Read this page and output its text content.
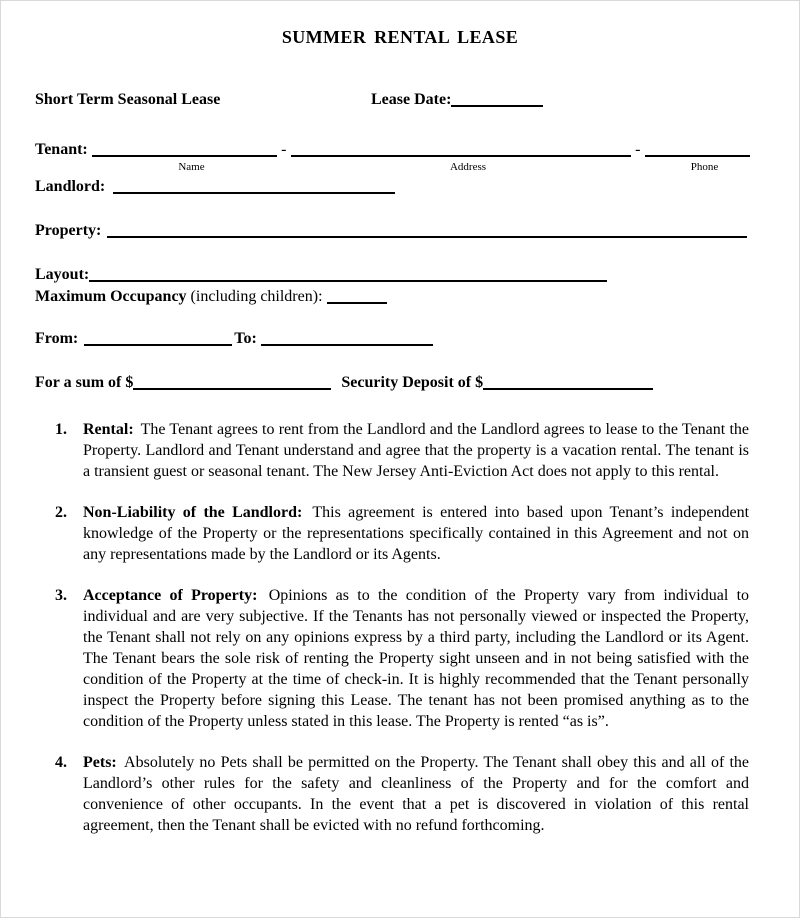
SUMMER RENTAL LEASE
Short Term Seasonal Lease	Lease Date:
Tenant:	-	-
Name	Address	Phone
Landlord:
Property:
Layout:
Maximum Occupancy (including children):
From:	To:
For a sum of $	Security Deposit of $
1.	Rental: The Tenant agrees to rent from the Landlord and the Landlord agrees to lease to the Tenant the Property. Landlord and Tenant understand and agree that the property is a vacation rental. The tenant is a transient guest or seasonal tenant. The New Jersey Anti-Eviction Act does not apply to this rental.

2.	Non-Liability of the Landlord: This agreement is entered into based upon Tenant’s independent knowledge of the Property or the representations specifically contained in this Agreement and not on any representations made by the Landlord or its Agents.

3.	Acceptance of Property: Opinions as to the condition of the Property vary from individual to individual and are very subjective. If the Tenants has not personally viewed or inspected the Property, the Tenant shall not rely on any opinions express by a third party, including the Landlord or its Agent. The Tenant bears the sole risk of renting the Property sight unseen and in not being satisfied with the condition of the Property at the time of check-in. It is highly recommended that the Tenant personally inspect the Property before signing this Lease. The tenant has not been promised anything as to the condition of the Property unless stated in this lease. The Property is rented “as is”.

4.	Pets: Absolutely no Pets shall be permitted on the Property. The Tenant shall obey this and all of the Landlord’s other rules for the safety and cleanliness of the Property and for the comfort and convenience of other occupants. In the event that a pet is discovered in violation of this rental agreement, then the Tenant shall be evicted with no refund forthcoming.
